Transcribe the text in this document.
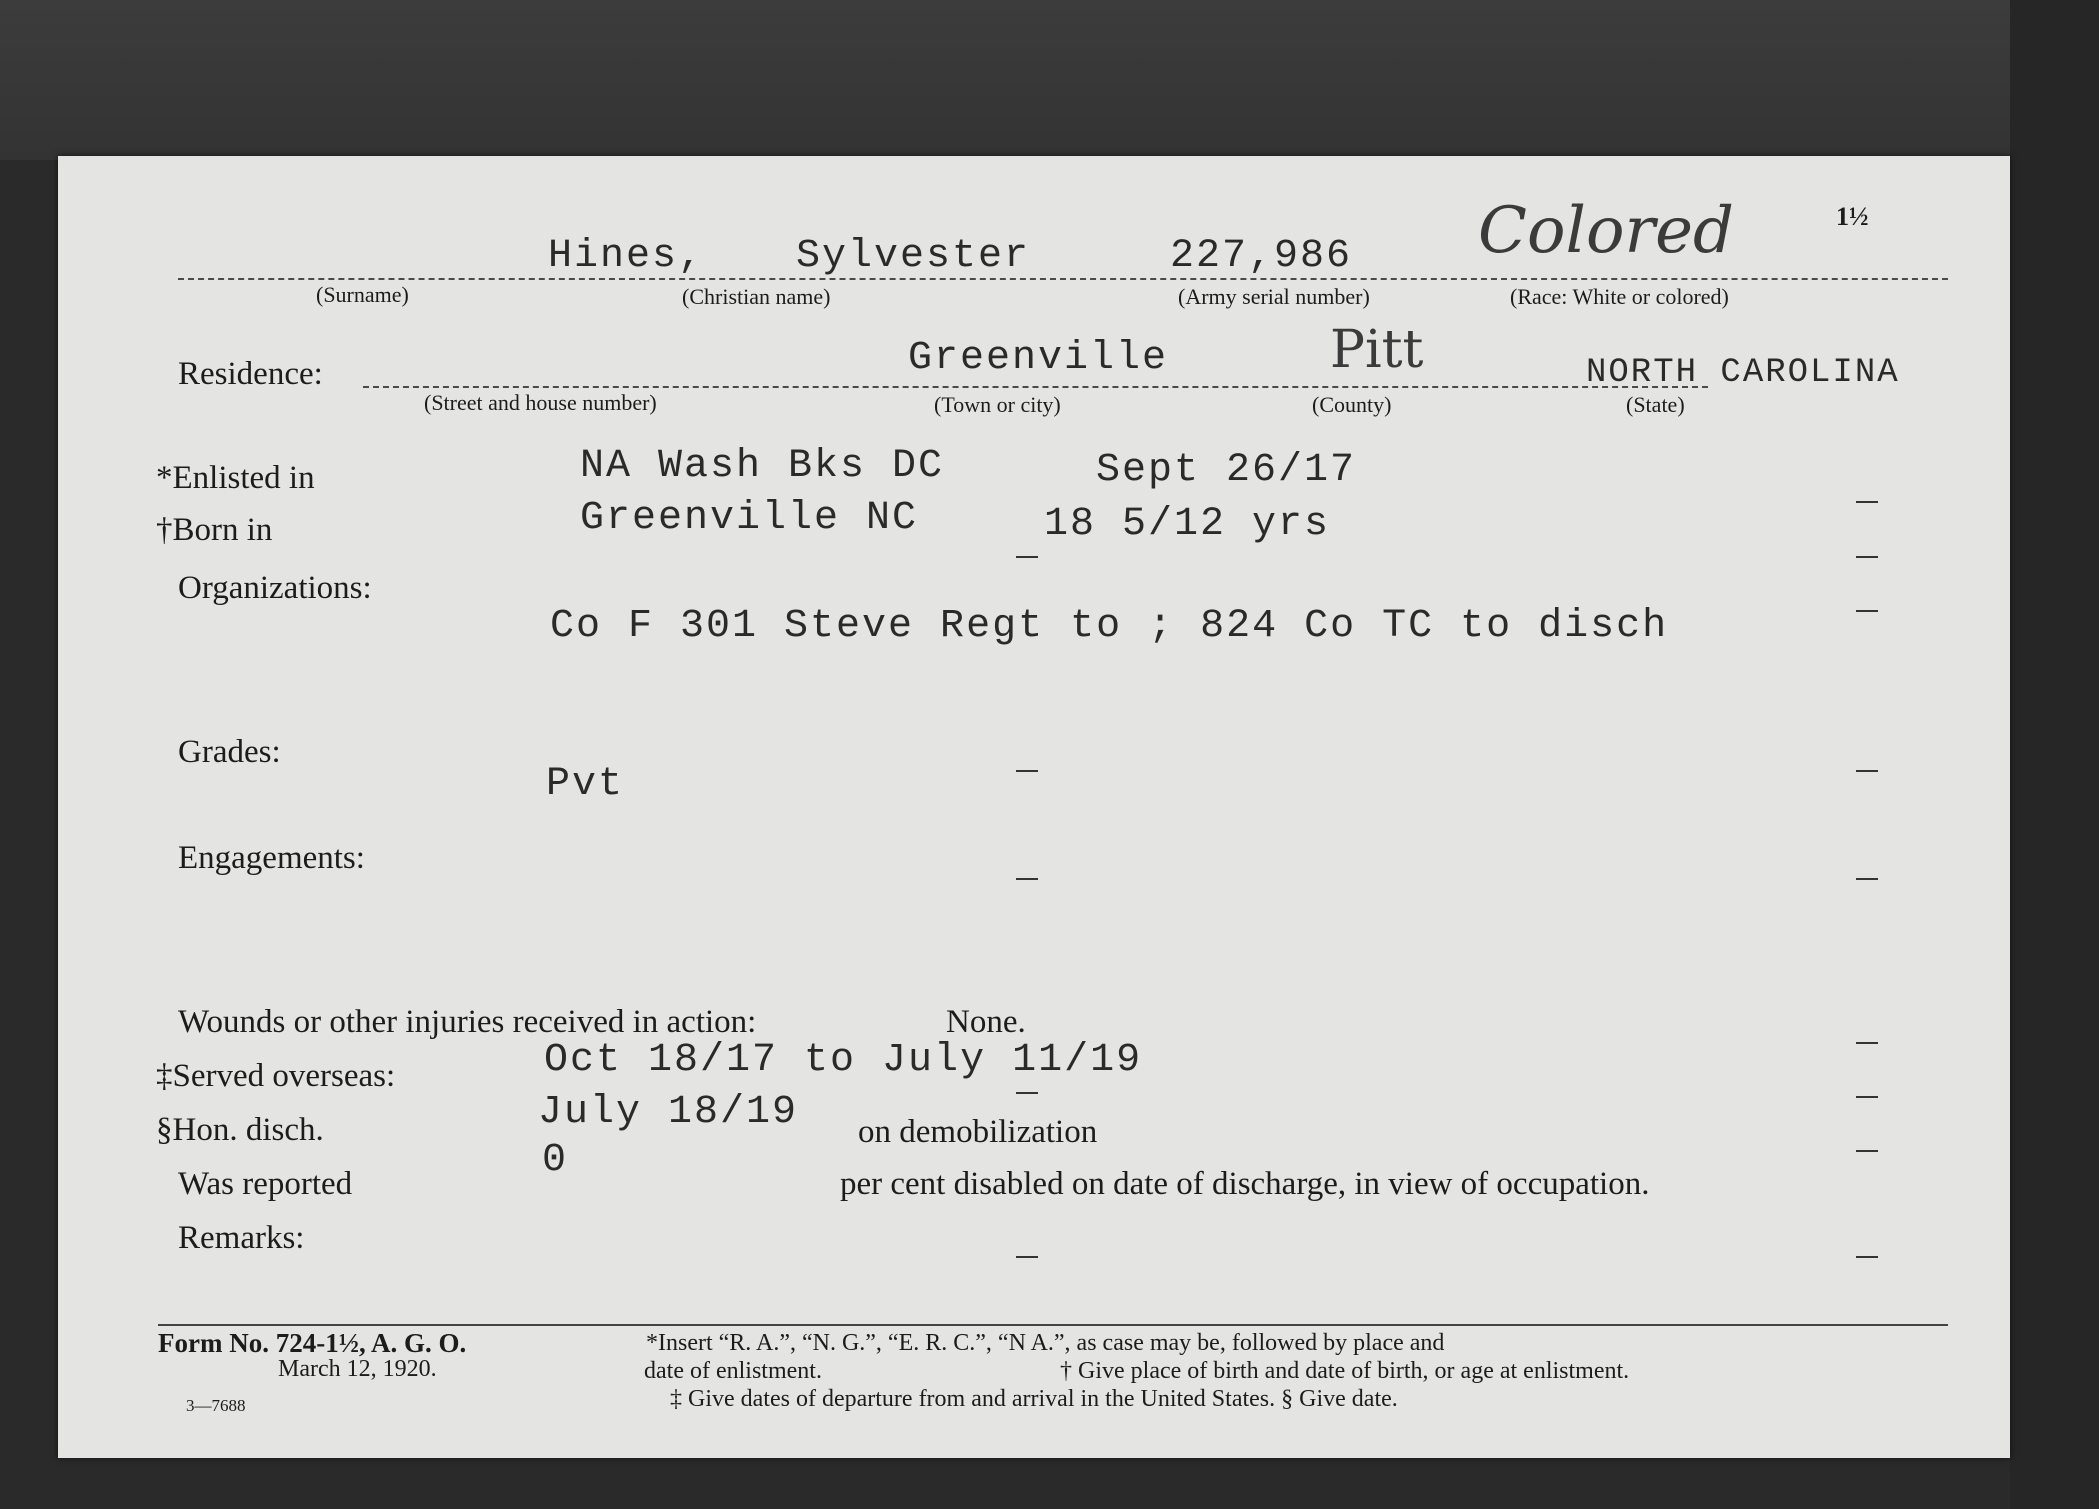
1½
Hines, Sylvester	227,986 Colored
(Surname)	(Christian name)	(Army serial number)	(Race: White or colored)
Residence:	Greenville	Pitt	NORTH CAROLINA
(Street and house number)	(Town or city)	(County)	(State)
*Enlisted in	NA Wash Bks DC	Sept 26/17
†Born in	Greenville NC	18 5/12 yrs
Organizations:
Co F 301 Steve Regt to ; 824 Co TC to disch
Grades:
Pvt
Engagements:
Wounds or other injuries received in action:	None.
‡Served overseas:	Oct 18/17 to July 11/19
§Hon. disch.	July 18/19 on demobilization
Was reported
0
per cent disabled on date of discharge, in view of occupation.
Remarks:
Form No. 724-1½, A. G. O.
March 12, 1920.
3—7688
*Insert “R. A.”, “N. G.”, “E. R. C.”, “N A.”, as case may be, followed by place and
date of enlistment.	† Give place of birth and date of birth, or age at enlistment.
‡ Give dates of departure from and arrival in the United States. § Give date.
